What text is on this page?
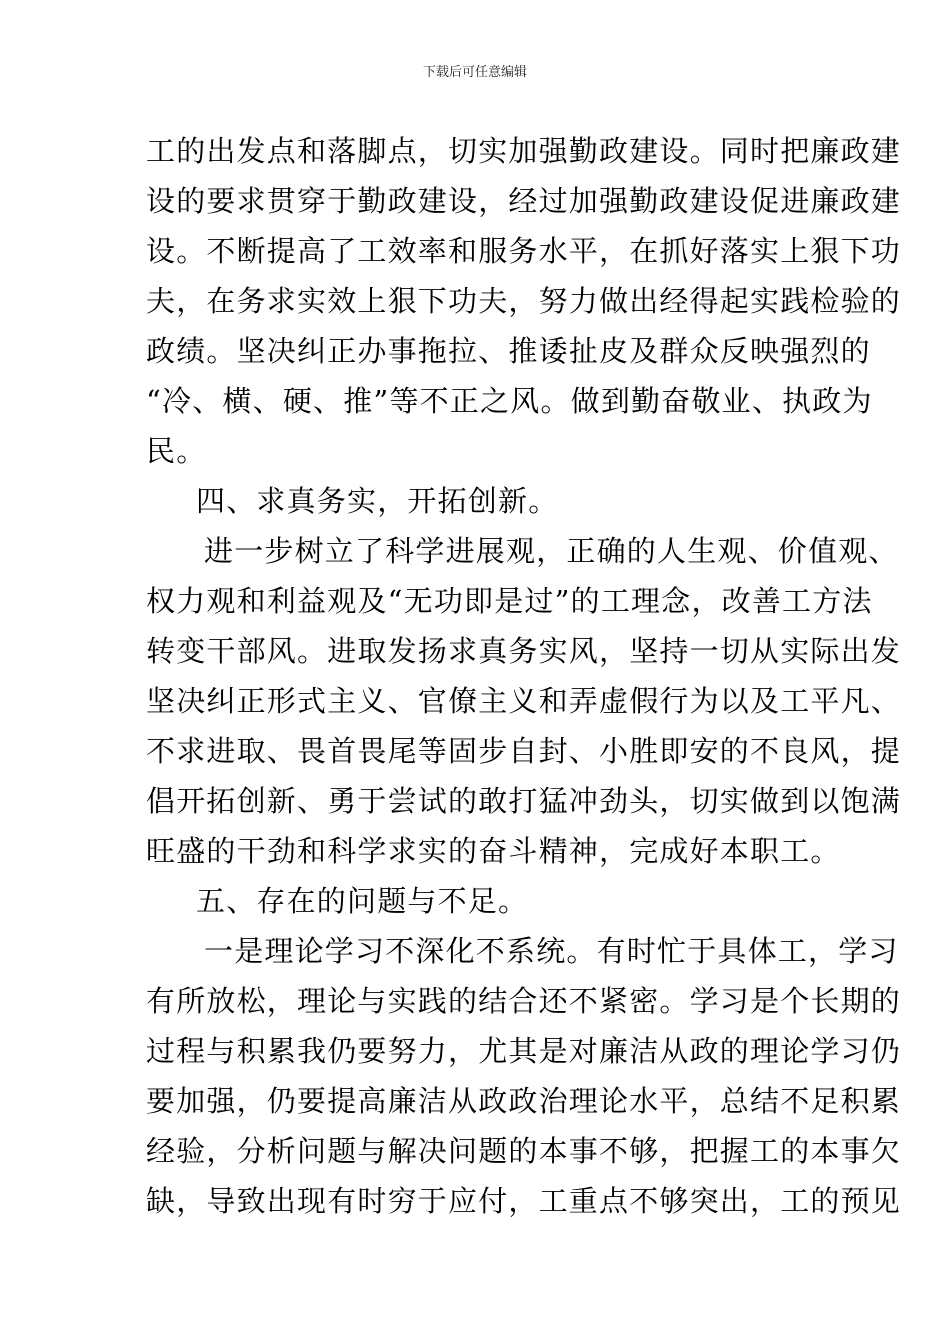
下载后可任意编辑
工的出发点和落脚点，切实加强勤政建设。同时把廉政建
设的要求贯穿于勤政建设，经过加强勤政建设促进廉政建
设。不断提高了工效率和服务水平，在抓好落实上狠下功
夫，在务求实效上狠下功夫，努力做出经得起实践检验的
政绩。坚决纠正办事拖拉、推诿扯皮及群众反映强烈的
“冷、横、硬、推”等不正之风。做到勤奋敬业、执政为
民。
四、求真务实，开拓创新。
进一步树立了科学进展观，正确的人生观、价值观、
权力观和利益观及“无功即是过”的工理念，改善工方法
转变干部风。进取发扬求真务实风，坚持一切从实际出发
坚决纠正形式主义、官僚主义和弄虚假行为以及工平凡、
不求进取、畏首畏尾等固步自封、小胜即安的不良风，提
倡开拓创新、勇于尝试的敢打猛冲劲头，切实做到以饱满
旺盛的干劲和科学求实的奋斗精神，完成好本职工。
五、存在的问题与不足。
一是理论学习不深化不系统。有时忙于具体工，学习
有所放松，理论与实践的结合还不紧密。学习是个长期的
过程与积累我仍要努力，尤其是对廉洁从政的理论学习仍
要加强，仍要提高廉洁从政政治理论水平，总结不足积累
经验，分析问题与解决问题的本事不够，把握工的本事欠
缺，导致出现有时穷于应付，工重点不够突出，工的预见
